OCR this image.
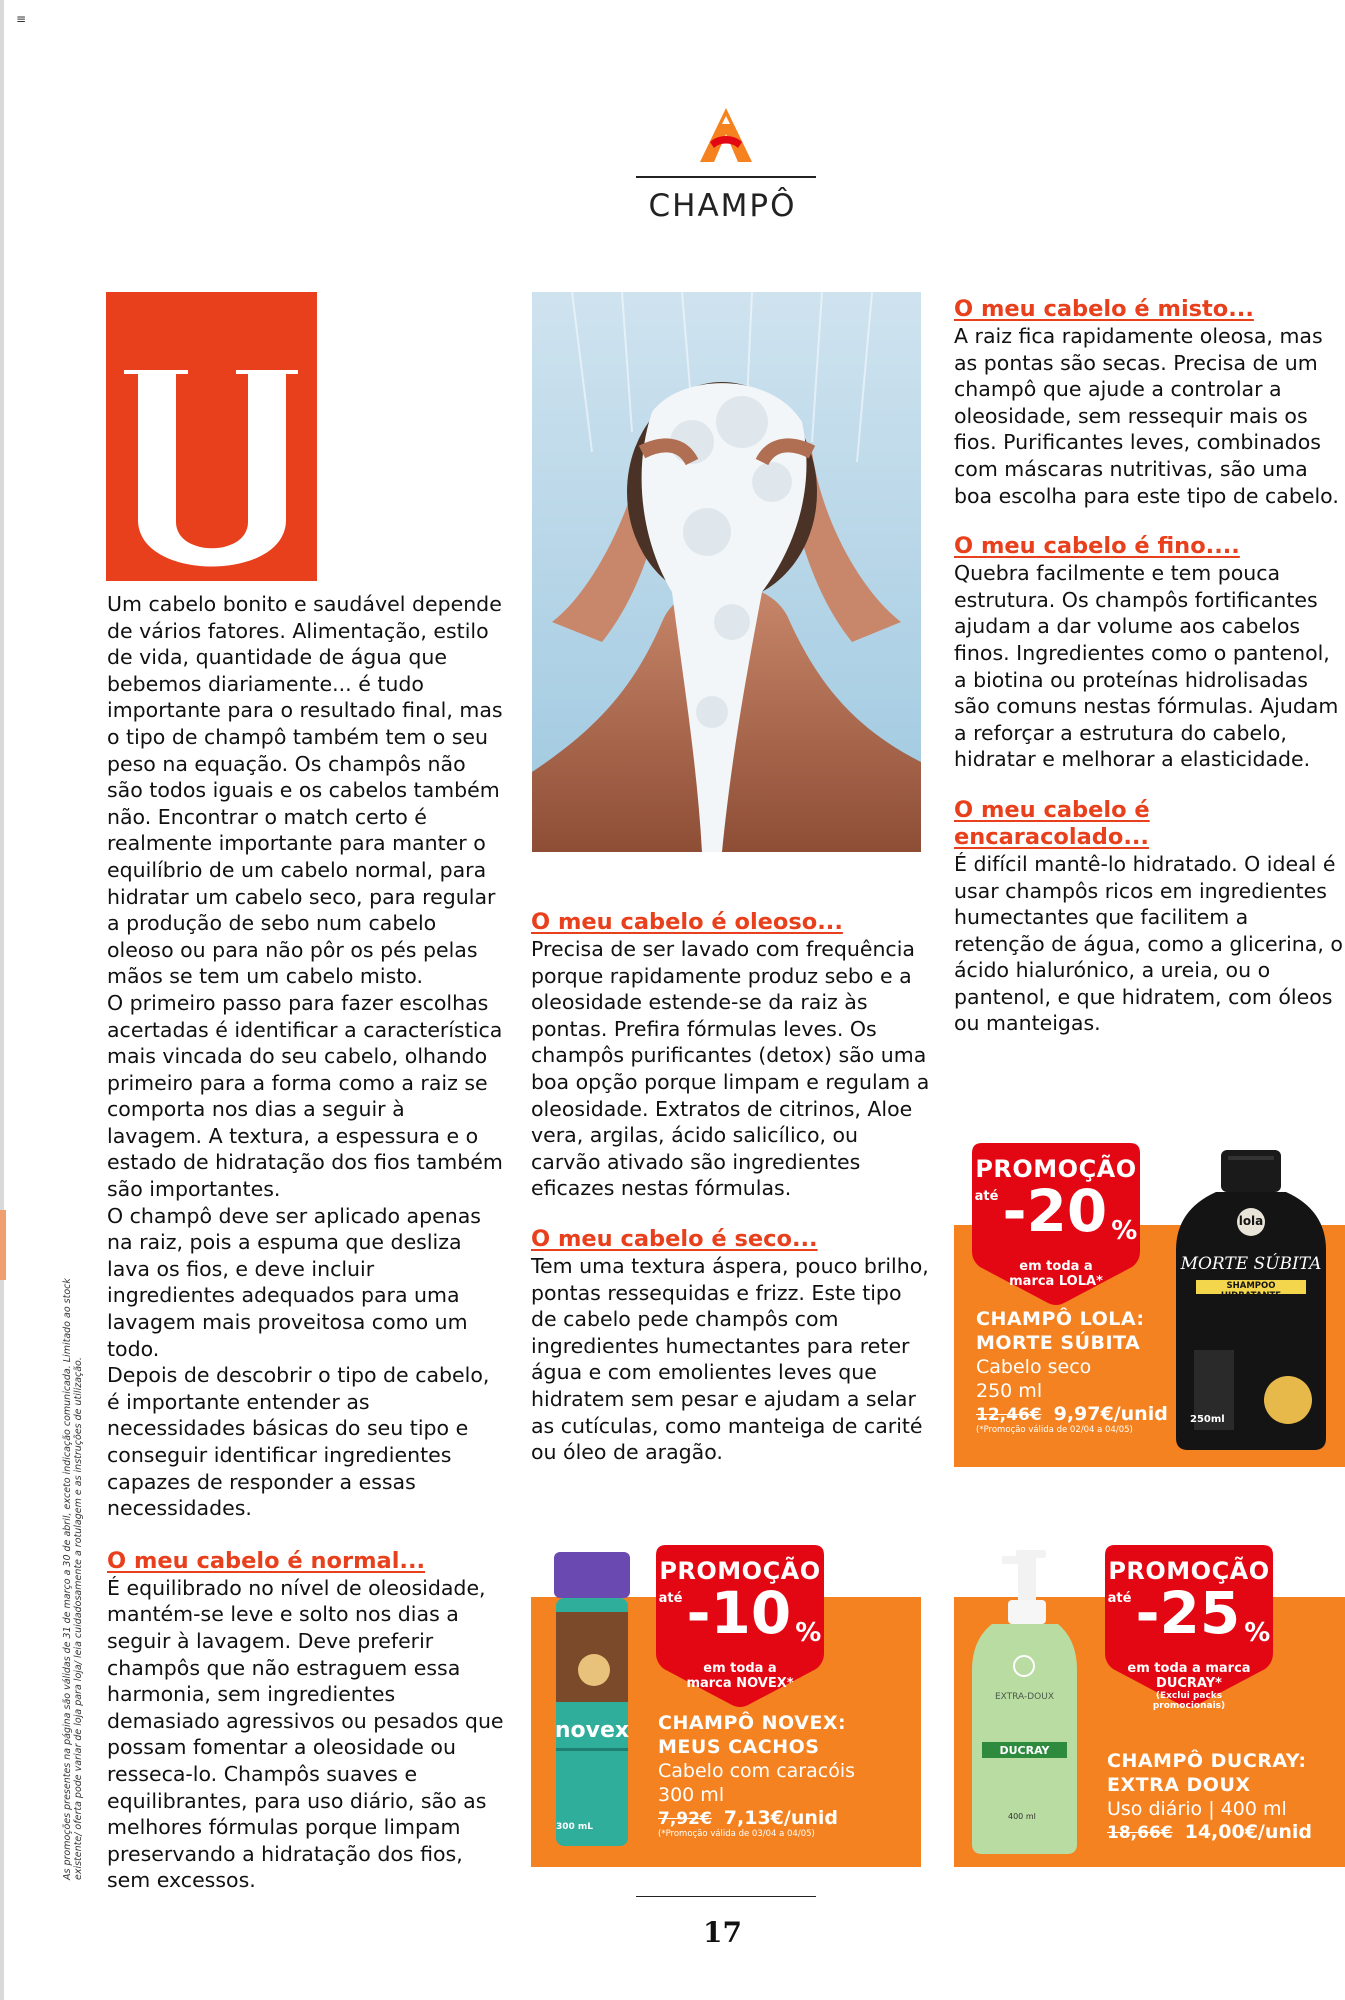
≡
CHAMPÔ

Um cabelo bonito e saudável depende de vários fatores. Alimentação, estilo de vida, quantidade de água que bebemos diariamente... é tudo importante para o resultado final, mas o tipo de champô também tem o seu peso na equação. Os champôs não são todos iguais e os cabelos também não. Encontrar o match certo é realmente importante para manter o equilíbrio de um cabelo normal, para hidratar um cabelo seco, para regular a produção de sebo num cabelo oleoso ou para não pôr os pés pelas mãos se tem um cabelo misto.

O primeiro passo para fazer escolhas acertadas é identificar a característica mais vincada do seu cabelo, olhando primeiro para a forma como a raiz se comporta nos dias a seguir à lavagem. A textura, a espessura e o estado de hidratação dos fios também são importantes.

O champô deve ser aplicado apenas na raiz, pois a espuma que desliza lava os fios, e deve incluir ingredientes adequados para uma lavagem mais proveitosa como um todo.

Depois de descobrir o tipo de cabelo, é importante entender as necessidades básicas do seu tipo e conseguir identificar ingredientes capazes de responder a essas necessidades.

O meu cabelo é normal...

É equilibrado no nível de oleosidade, mantém-se leve e solto nos dias a seguir à lavagem. Deve preferir champôs que não estraguem essa harmonia, sem ingredientes demasiado agressivos ou pesados que possam fomentar a oleosidade ou resseca-lo. Champôs suaves e equilibrantes, para uso diário, são as melhores fórmulas porque limpam preservando a hidratação dos fios, sem excessos.

As promoções presentes na página são válidas de 31 de março a 30 de abril, exceto indicação comunicada. Limitado ao stock existente/ oferta pode variar de loja para loja/ leia cuidadosamente a rotulagem e as instruções de utilização.

O meu cabelo é oleoso...

Precisa de ser lavado com frequência porque rapidamente produz sebo e a oleosidade estende-se da raiz às pontas. Prefira fórmulas leves. Os champôs purificantes (detox) são uma boa opção porque limpam e regulam a oleosidade. Extratos de citrinos, Aloe vera, argilas, ácido salicílico, ou carvão ativado são ingredientes eficazes nestas fórmulas.

O meu cabelo é seco...

Tem uma textura áspera, pouco brilho, pontas ressequidas e frizz. Este tipo de cabelo pede champôs com ingredientes humectantes para reter água e com emolientes leves que hidratem sem pesar e ajudam a selar as cutículas, como manteiga de carité ou óleo de aragão.

O meu cabelo é misto...

A raiz fica rapidamente oleosa, mas as pontas são secas. Precisa de um champô que ajude a controlar a oleosidade, sem ressequir mais os fios. Purificantes leves, combinados com máscaras nutritivas, são uma boa escolha para este tipo de cabelo.

O meu cabelo é fino....

Quebra facilmente e tem pouca estrutura. Os champôs fortificantes ajudam a dar volume aos cabelos finos. Ingredientes como o pantenol, a biotina ou proteínas hidrolisadas são comuns nestas fórmulas. Ajudam a reforçar a estrutura do cabelo, hidratar e melhorar a elasticidade.

O meu cabelo é encaracolado...

É difícil mantê-lo hidratado. O ideal é usar champôs ricos em ingredientes humectantes que facilitem a retenção de água, como a glicerina, o ácido hialurónico, a ureia, ou o pantenol, e que hidratem, com óleos ou manteigas.

PROMOÇÃO
até -20 %
em toda a marca LOLA*
CHAMPÔ LOLA: MORTE SÚBITA
Cabelo seco
250 ml
12,46€ 9,97€/unid
(*Promoção válida de 02/04 a 04/05)
lola
MORTE SÚBITA
SHAMPOO HIDRATANTE
250ml
PROMOÇÃO
até -10 %
em toda a marca NOVEX*
CHAMPÔ NOVEX: MEUS CACHOS
Cabelo com caracóis
300 ml
7,92€ 7,13€/unid
(*Promoção válida de 03/04 a 04/05)
novex
300 mL
PROMOÇÃO
até -25 %
em toda a marca DUCRAY*
(Exclui packs promocionais)
CHAMPÔ DUCRAY: EXTRA DOUX
Uso diário | 400 ml
18,66€ 14,00€/unid
EXTRA-DOUX
DUCRAY
400 ml
17
